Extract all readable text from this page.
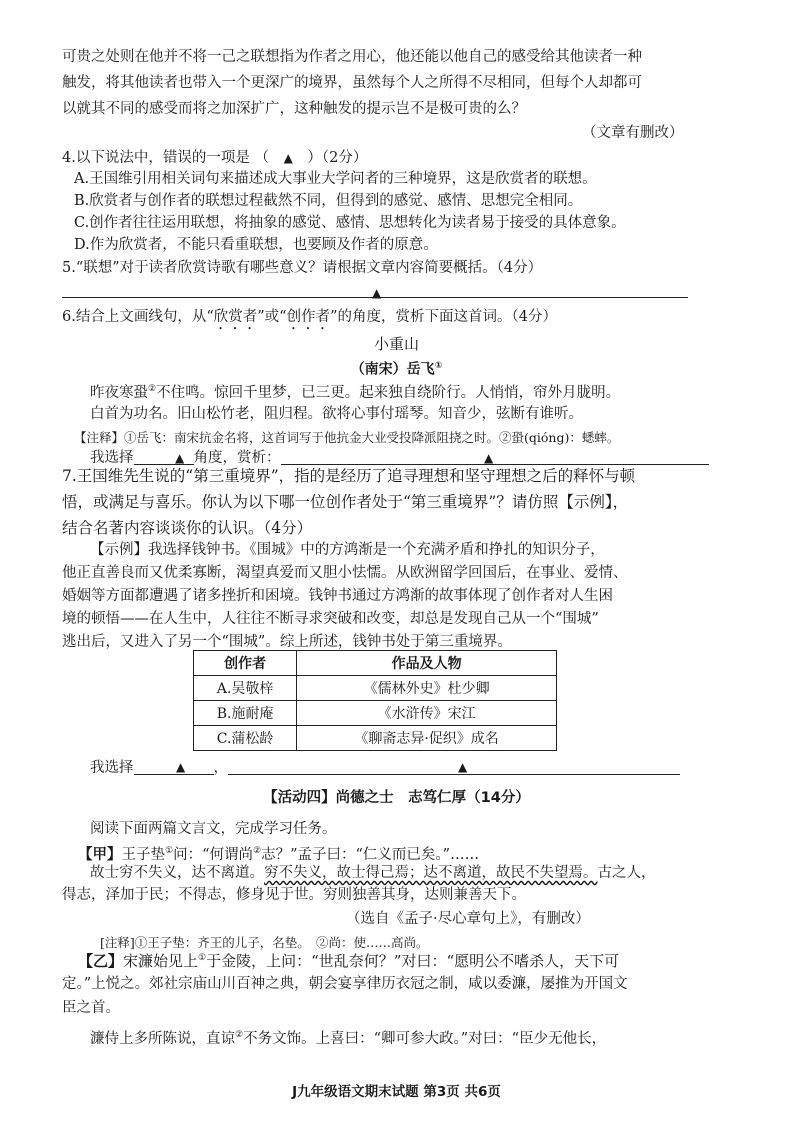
可贵之处则在他并不将一己之联想指为作者之用心，他还能以他自己的感受给其他读者一种
触发，将其他读者也带入一个更深广的境界，虽然每个人之所得不尽相同，但每个人却都可
以就其不同的感受而将之加深扩广，这种触发的提示岂不是极可贵的么？
（文章有删改）
4.以下说法中，错误的一项是 （ ▲ ）（2分）
A.王国维引用相关词句来描述成大事业大学问者的三种境界，这是欣赏者的联想。
B.欣赏者与创作者的联想过程截然不同，但得到的感觉、感情、思想完全相同。
C.创作者往往运用联想，将抽象的感觉、感情、思想转化为读者易于接受的具体意象。
D.作为欣赏者，不能只看重联想，也要顾及作者的原意。
5.“联想”对于读者欣赏诗歌有哪些意义？请根据文章内容简要概括。（4分）
▲
6.结合上文画线句，从“欣赏者”或“创作者”的角度，赏析下面这首词。（4分）
小重山
（南宋）岳飞①
昨夜寒蛩②不住鸣。惊回千里梦，已三更。起来独自绕阶行。人悄悄，帘外月胧明。
白首为功名。旧山松竹老，阻归程。欲将心事付瑶琴。知音少，弦断有谁听。
【注释】①岳飞：南宋抗金名将，这首词写于他抗金大业受投降派阻挠之时。②蛩(qióng)：蟋蟀。
我选择	角度，赏析：
▲	▲
7.王国维先生说的“第三重境界”，指的是经历了追寻理想和坚守理想之后的释怀与顿
悟，或满足与喜乐。你认为以下哪一位创作者处于“第三重境界”？请仿照【示例】，
结合名著内容谈谈你的认识。（4分）
【示例】我选择钱钟书。《围城》中的方鸿渐是一个充满矛盾和挣扎的知识分子，
他正直善良而又优柔寡断，渴望真爱而又胆小怯懦。从欧洲留学回国后，在事业、爱情、
婚姻等方面都遭遇了诸多挫折和困境。钱钟书通过方鸿渐的故事体现了创作者对人生困
境的顿悟——在人生中，人往往不断寻求突破和改变，却总是发现自己从一个“围城”
逃出后，又进入了另一个“围城”。综上所述，钱钟书处于第三重境界。
创作者	作品及人物
A.吴敬梓	《儒林外史》杜少卿
B.施耐庵	《水浒传》宋江
C.蒲松龄	《聊斋志异·促织》成名
我选择	，
▲	▲
【活动四】尚德之士　志笃仁厚（14分）
阅读下面两篇文言文，完成学习任务。
【甲】王子垫①问：“何谓尚②志？”孟子曰：“仁义而已矣。”……
故士穷不失义，达不离道。穷不失义，故士得己焉；达不离道，故民不失望焉。古之人，
得志，泽加于民；不得志，修身见于世。穷则独善其身，达则兼善天下。
（选自《孟子·尽心章句上》，有删改）
[注释]①王子垫：齐王的儿子，名垫。　②尚：使……高尚。
【乙】宋濂始见上①于金陵，上问：“世乱奈何？”对曰：“愿明公不嗜杀人，天下可
定。”上悦之。郊社宗庙山川百神之典，朝会宴享律历衣冠之制，咸以委濂，屡推为开国文
臣之首。
濂侍上多所陈说，直谅②不务文饰。上喜曰：“卿可参大政。”对曰：“臣少无他长，
J九年级语文期末试题 第3页 共6页
